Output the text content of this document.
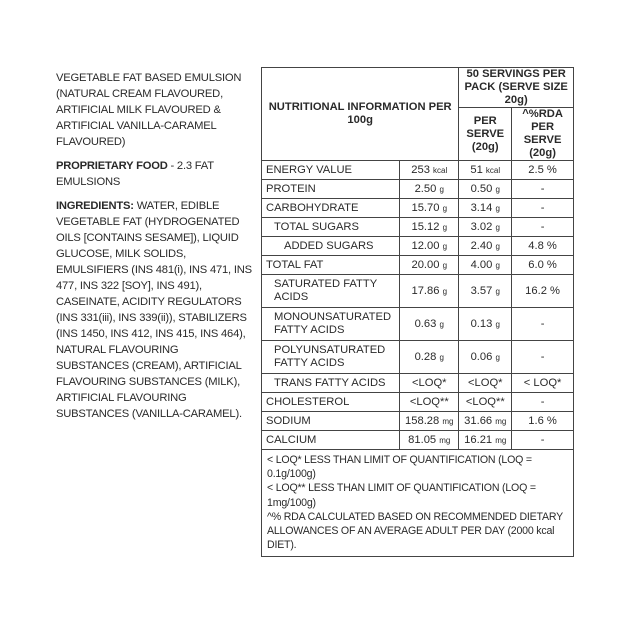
VEGETABLE FAT BASED EMULSION (NATURAL CREAM FLAVOURED, ARTIFICIAL MILK FLAVOURED & ARTIFICIAL VANILLA-CARAMEL FLAVOURED)

PROPRIETARY FOOD - 2.3 FAT EMULSIONS

INGREDIENTS: WATER, EDIBLE VEGETABLE FAT (HYDROGENATED OILS [CONTAINS SESAME]), LIQUID GLUCOSE, MILK SOLIDS, EMULSIFIERS (INS 481(i), INS 471, INS 477, INS 322 [SOY], INS 491), CASEINATE, ACIDITY REGULATORS (INS 331(iii), INS 339(ii)), STABILIZERS (INS 1450, INS 412, INS 415, INS 464), NATURAL FLAVOURING SUBSTANCES (CREAM), ARTIFICIAL FLAVOURING SUBSTANCES (MILK), ARTIFICIAL FLAVOURING SUBSTANCES (VANILLA-CARAMEL).

NUTRITIONAL INFORMATION PER 100g		50 SERVINGS PER PACK (SERVE SIZE 20g)	
		PER SERVE (20g)	^%RDA PER SERVE (20g)
ENERGY VALUE	253 kcal	51 kcal	2.5 %
PROTEIN	2.50 g	0.50 g	-
CARBOHYDRATE	15.70 g	3.14 g	-
TOTAL SUGARS	15.12 g	3.02 g	-
ADDED SUGARS	12.00 g	2.40 g	4.8 %
TOTAL FAT	20.00 g	4.00 g	6.0 %
SATURATED FATTY ACIDS	17.86 g	3.57 g	16.2 %
MONOUNSATURATED FATTY ACIDS	0.63 g	0.13 g	-
POLYUNSATURATED FATTY ACIDS	0.28 g	0.06 g	-
TRANS FATTY ACIDS	<LOQ*	<LOQ*	< LOQ*
CHOLESTEROL	<LOQ**	<LOQ**	-
SODIUM	158.28 mg	31.66 mg	1.6 %
CALCIUM	81.05 mg	16.21 mg	-

< LOQ* LESS THAN LIMIT OF QUANTIFICATION (LOQ = 0.1g/100g)
< LOQ** LESS THAN LIMIT OF QUANTIFICATION (LOQ = 1mg/100g)
^% RDA CALCULATED BASED ON RECOMMENDED DIETARY ALLOWANCES OF AN AVERAGE ADULT PER DAY (2000 kcal DIET).			
